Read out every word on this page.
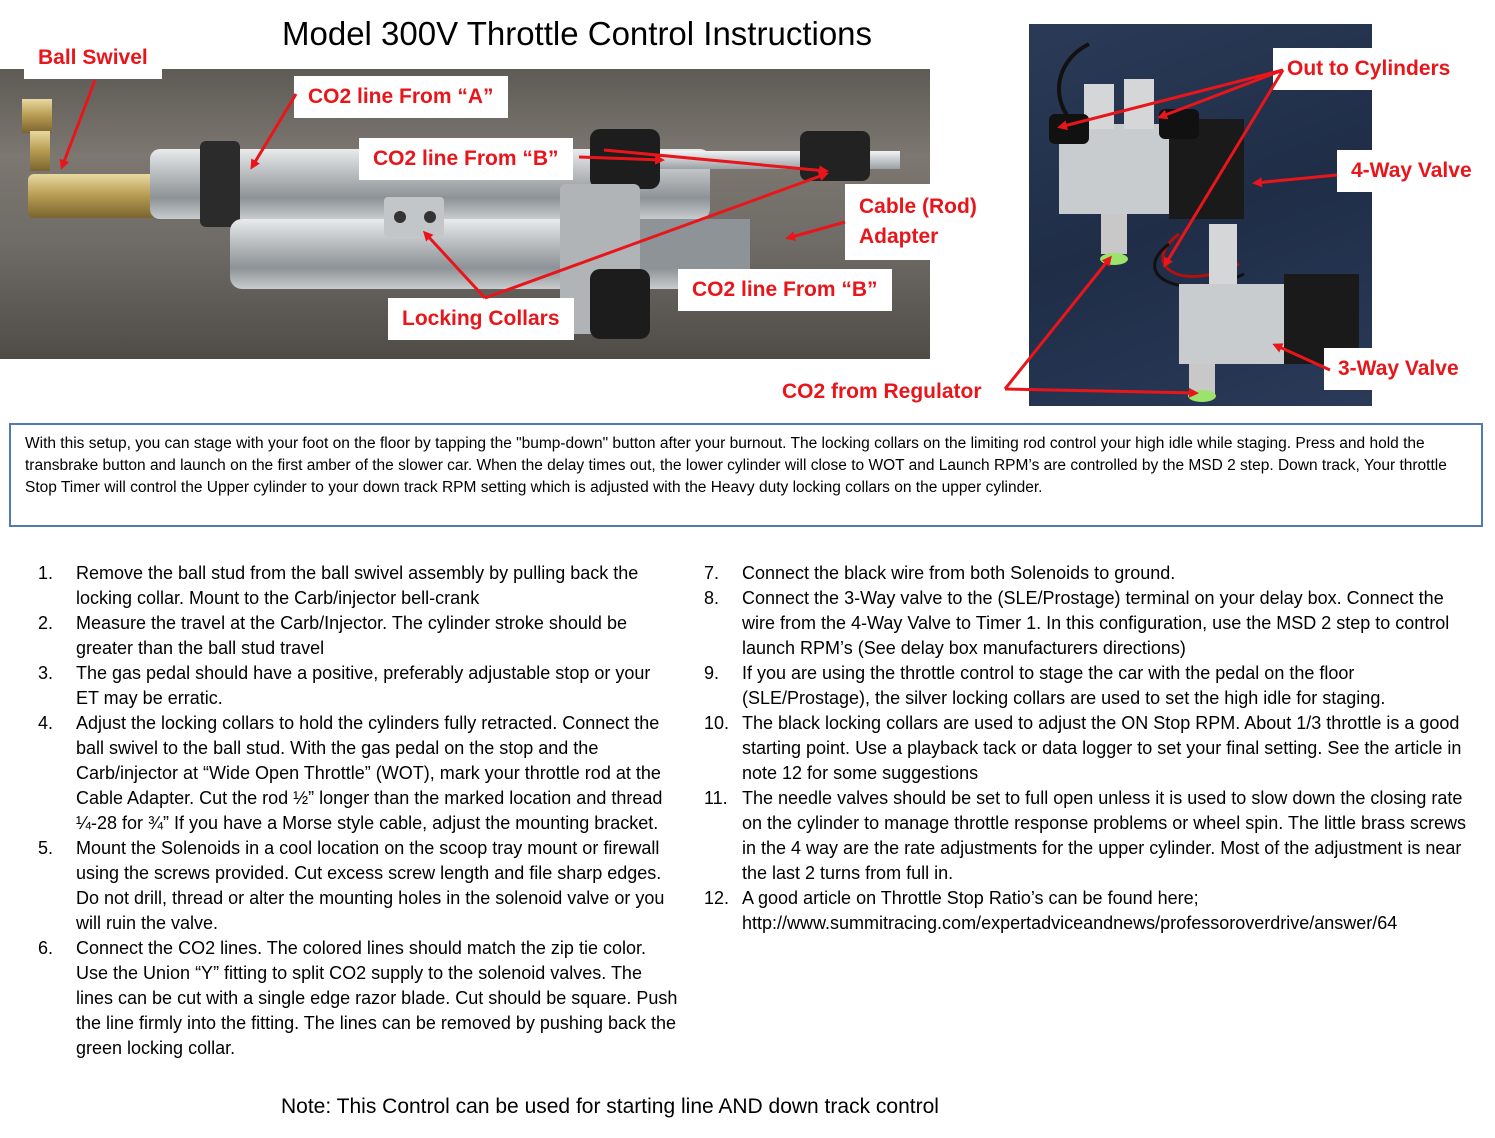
Model 300V Throttle Control Instructions
Ball Swivel
CO2 line From “A”
CO2 line From “B”
Cable (Rod)
Adapter
Locking Collars
CO2 line From “B”
Out to Cylinders
4-Way Valve
3-Way Valve
CO2 from Regulator
With this setup, you can stage with your foot on the floor by tapping the "bump-down" button after your burnout. The locking collars on the limiting rod control your high idle while staging. Press and hold the transbrake button and launch on the first amber of the slower car. When the delay times out, the lower cylinder will close to WOT and Launch RPM’s are controlled by the MSD 2 step. Down track, Your throttle Stop Timer will control the Upper cylinder to your down track RPM setting which is adjusted with the Heavy duty locking collars on the upper cylinder.
1.	Remove the ball stud from the ball swivel assembly by pulling back the locking collar. Mount to the Carb/injector bell-crank
2.	Measure the travel at the Carb/Injector. The cylinder stroke should be greater than the ball stud travel
3.	The gas pedal should have a positive, preferably adjustable stop or your ET may be erratic.
4.	Adjust the locking collars to hold the cylinders fully retracted. Connect the ball swivel to the ball stud. With the gas pedal on the stop and the Carb/injector at “Wide Open Throttle” (WOT), mark your throttle rod at the Cable Adapter. Cut the rod ½” longer than the marked location and thread ¼-28 for ¾” If you have a Morse style cable, adjust the mounting bracket.
5.	Mount the Solenoids in a cool location on the scoop tray mount or firewall using the screws provided. Cut excess screw length and file sharp edges. Do not drill, thread or alter the mounting holes in the solenoid valve or you will ruin the valve.
6.	Connect the CO2 lines. The colored lines should match the zip tie color. Use the Union “Y” fitting to split CO2 supply to the solenoid valves. The lines can be cut with a single edge razor blade. Cut should be square. Push the line firmly into the fitting. The lines can be removed by pushing back the green locking collar.
7.	Connect the black wire from both Solenoids to ground.
8.	Connect the 3-Way valve to the (SLE/Prostage) terminal on your delay box. Connect the wire from the 4-Way Valve to Timer 1. In this configuration, use the MSD 2 step to control launch RPM’s (See delay box manufacturers directions)
9.	If you are using the throttle control to stage the car with the pedal on the floor (SLE/Prostage), the silver locking collars are used to set the high idle for staging.
10. The black locking collars are used to adjust the ON Stop RPM. About 1/3 throttle is a good starting point. Use a playback tack or data logger to set your final setting. See the article in note 12 for some suggestions
11. The needle valves should be set to full open unless it is used to slow down the closing rate on the cylinder to manage throttle response problems or wheel spin. The little brass screws in the 4 way are the rate adjustments for the upper cylinder. Most of the adjustment is near the last 2 turns from full in.
12. A good article on Throttle Stop Ratio’s can be found here; http://www.summitracing.com/expertadviceandnews/professoroverdrive/answer/64
Note: This Control can be used for starting line AND down track control
